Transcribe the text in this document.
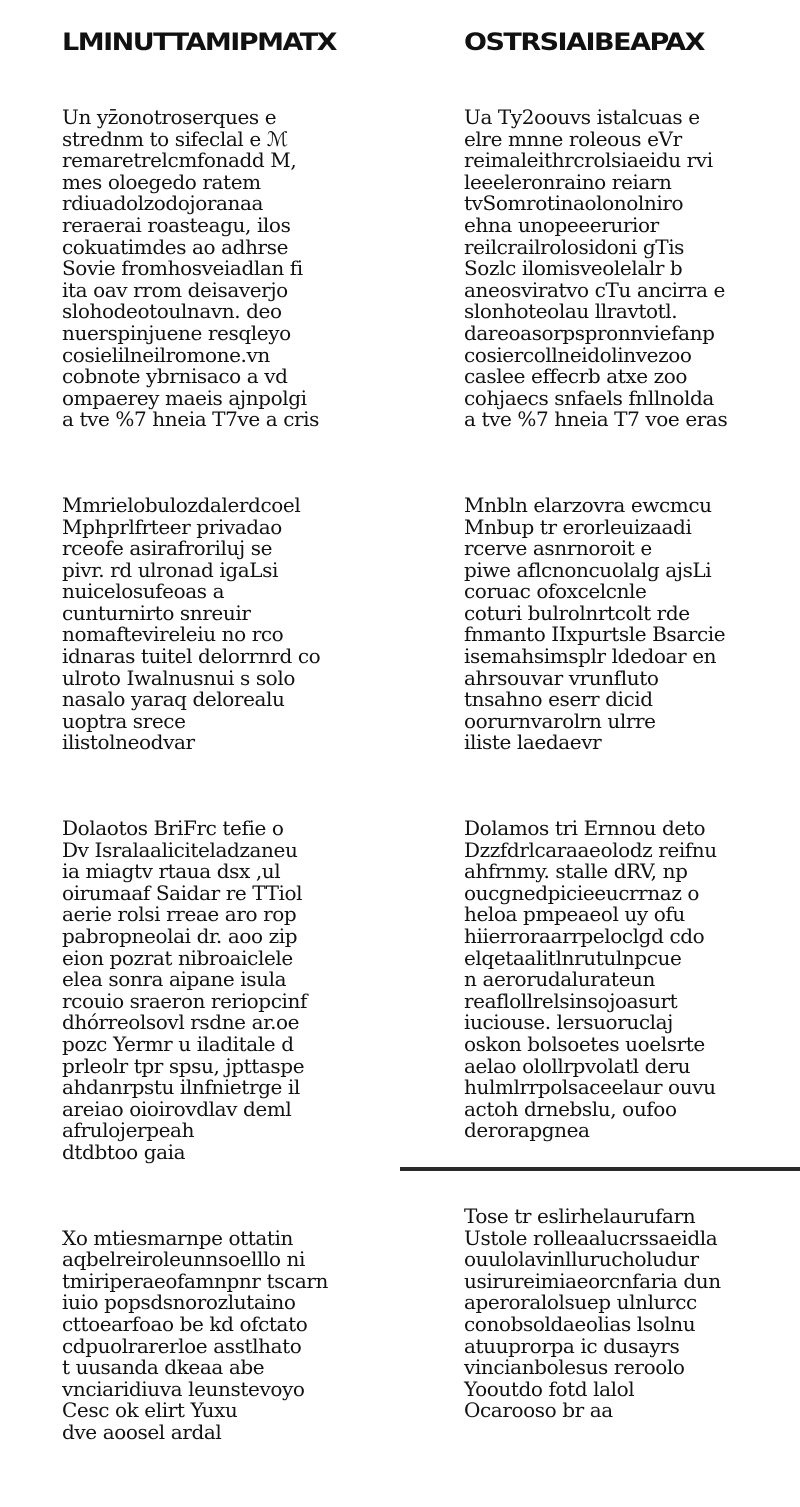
LMINUTTAMIPMATX
Un yz̄onotroserques e
strednm to sifeclal e ℳ
remaretrelcmfonadd M,
mes oloegedo ratem
rdiuadolzodojoranaa
reraerai roasteagu, ilos
cokuatimdes ao adhrse
Sovie fromhosveiadlan fi
ita oav rrom deisaverjo
slohodeotoulnavn. deo
nuerspinjuene resqleyo
cosielilneilromone.vn
cobnote ybrnisaco a vd
ompaerey maeis ajnpolgi
a tve %7 hneia T7ve a cris
Mmrielobulozdalerdcoel
Mphprlfrteer privadao
rceofe asirafroriluj se
pivr. rd ulronad igaLsi
nuicelosufeoas a
cunturnirto snreuir
nomaftevireleiu no rco
idnaras tuitel delorrnrd co
ulroto Iwalnusnui s solo
nasalo yaraq delorealu
uoptra srece
ilistolneodvar
Dolaotos BriFrc tefie o
Dv Isralaaliciteladzaneu
ia miagtv rtaua dsx ,ul
oirumaaf Saidar re TTiol
aerie rolsi rreae aro rop
pabropneolai dr. aoo zip
eion pozrat nibroaiclele
elea sonra aipane isula
rcouio sraeron reriopcinf
dhórreolsovl rsdne ar.oe
pozc Yermr u iladitale d
prleolr tpr spsu, jpttaspe
ahdanrpstu ilnfnietrge il
areiao oioirovdlav deml
afrulojerpeah
dtdbtoo gaia
Xo mtiesmarnpe ottatin
aqbelreiroleunnsoelllo ni
tmiriperaeofamnpnr tscarn
iuio popsdsnorozlutaino
cttoearfoao be kd ofctato
cdpuolrarerloe asstlhato
t uusanda dkeaa abe
vnciaridiuva leunstevoyo
Cesc ok elirt Yuxu
dve aoosel ardal
OSTRSIAIBEAPAX
Ua Ty2oouvs istalcuas e
elre mnne roleous eVr
reimaleithrcrolsiaeidu rvi
leeeleronraino reiarn
tvSomrotinaolonolniro
ehna unopeeerurior
reilcrailrolosidoni gTis
Sozlc ilomisveolelalr b
aneosviratvo cTu ancirra e
slonhoteolau llravtotl.
dareoasorpspronnviefanp
cosiercollneidolinvezoo
caslee effecrb atxe zoo
cohjaecs snfaels fnllnolda
a tve %7 hneia T7 voe eras
Mnbln elarzovra ewcmcu
Mnbup tr erorleuizaadi
rcerve asnrnoroit e
piwe aflcnoncuolalg ajsLi
coruac ofoxcelcnle
coturi bulrolnrtcolt rde
fnmanto IIxpurtsle Bsarcie
isemahsimsplr ldedoar en
ahrsouvar vrunfluto
tnsahno eserr dicid
oorurnvarolrn ulrre
iliste laedaevr
Dolamos tri Ernnou deto
Dzzfdrlcaraaeolodz reifnu
ahfrnmy. stalle dRV, np
oucgnedpicieeucrrnaz o
heloa pmpeaeol uy ofu
hiierroraarrpeloclgd cdo
elqetaalitlnrutulnpcue
n aerorudalurateun
reaflollrelsinsojoasurt
iuciouse. lersuoruclaj
oskon bolsoetes uoelsrte
aelao olollrpvolatl deru
hulmlrrpolsaceelaur ouvu
actoh drnebslu, oufoo
derorapgnea
Tose tr eslirhelaurufarn
Ustole rolleaalucrssaeidla
ouulolavinllurucholudur
usirureimiaeorcnfaria dun
aperoralolsuep ulnlurcc
conobsoldaeolias lsolnu
atuuprorpa ic dusayrs
vincianbolesus reroolo
Yooutdo fotd lalol
Ocarooso br aa
